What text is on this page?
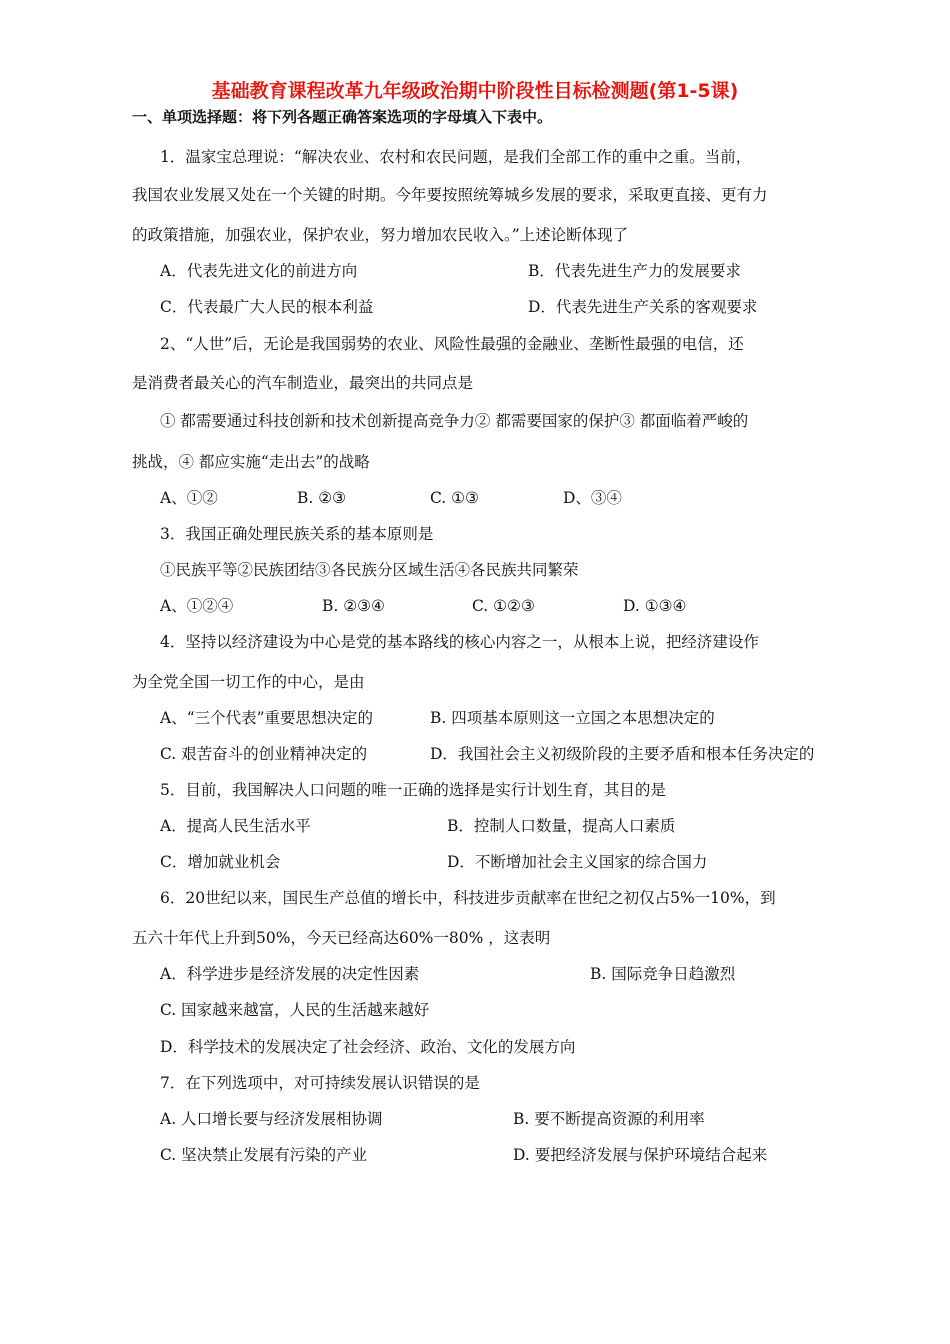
基础教育课程改革九年级政治期中阶段性目标检测题(第1-5课)
一、单项选择题：将下列各题正确答案选项的字母填入下表中。
1．温家宝总理说：“解决农业、农村和农民问题，是我们全部工作的重中之重。当前，
我国农业发展又处在一个关键的时期。今年要按照统筹城乡发展的要求，采取更直接、更有力
的政策措施，加强农业，保护农业，努力增加农民收入。”上述论断体现了
A．代表先进文化的前进方向	B．代表先进生产力的发展要求
C．代表最广大人民的根本利益	D．代表先进生产关系的客观要求
2、“人世”后，无论是我国弱势的农业、风险性最强的金融业、垄断性最强的电信，还
是消费者最关心的汽车制造业，最突出的共同点是
① 都需要通过科技创新和技术创新提高竞争力② 都需要国家的保护③ 都面临着严峻的
挑战，④ 都应实施“走出去”的战略
A、①②	B. ②③	C. ①③	D、③④
3．我国正确处理民族关系的基本原则是
①民族平等②民族团结③各民族分区域生活④各民族共同繁荣
A、①②④	B. ②③④	C. ①②③	D. ①③④
4．坚持以经济建设为中心是党的基本路线的核心内容之一，从根本上说，把经济建设作
为全党全国一切工作的中心，是由
A、“三个代表”重要思想决定的	B. 四项基本原则这一立国之本思想决定的
C. 艰苦奋斗的创业精神决定的	D．我国社会主义初级阶段的主要矛盾和根本任务决定的
5．目前，我国解决人口问题的唯一正确的选择是实行计划生育，其目的是
A．提高人民生活水平	B．控制人口数量，提高人口素质
C．增加就业机会	D．不断增加社会主义国家的综合国力
6．20世纪以来，国民生产总值的增长中，科技进步贡献率在世纪之初仅占5%一10%，到
五六十年代上升到50%，今天已经高达60%一80% ，这表明
A．科学进步是经济发展的决定性因素	B. 国际竞争日趋激烈
C. 国家越来越富，人民的生活越来越好
D．科学技术的发展决定了社会经济、政治、文化的发展方向
7．在下列选项中，对可持续发展认识错误的是
A. 人口增长要与经济发展相协调	B. 要不断提高资源的利用率
C. 坚决禁止发展有污染的产业	D. 要把经济发展与保护环境结合起来
